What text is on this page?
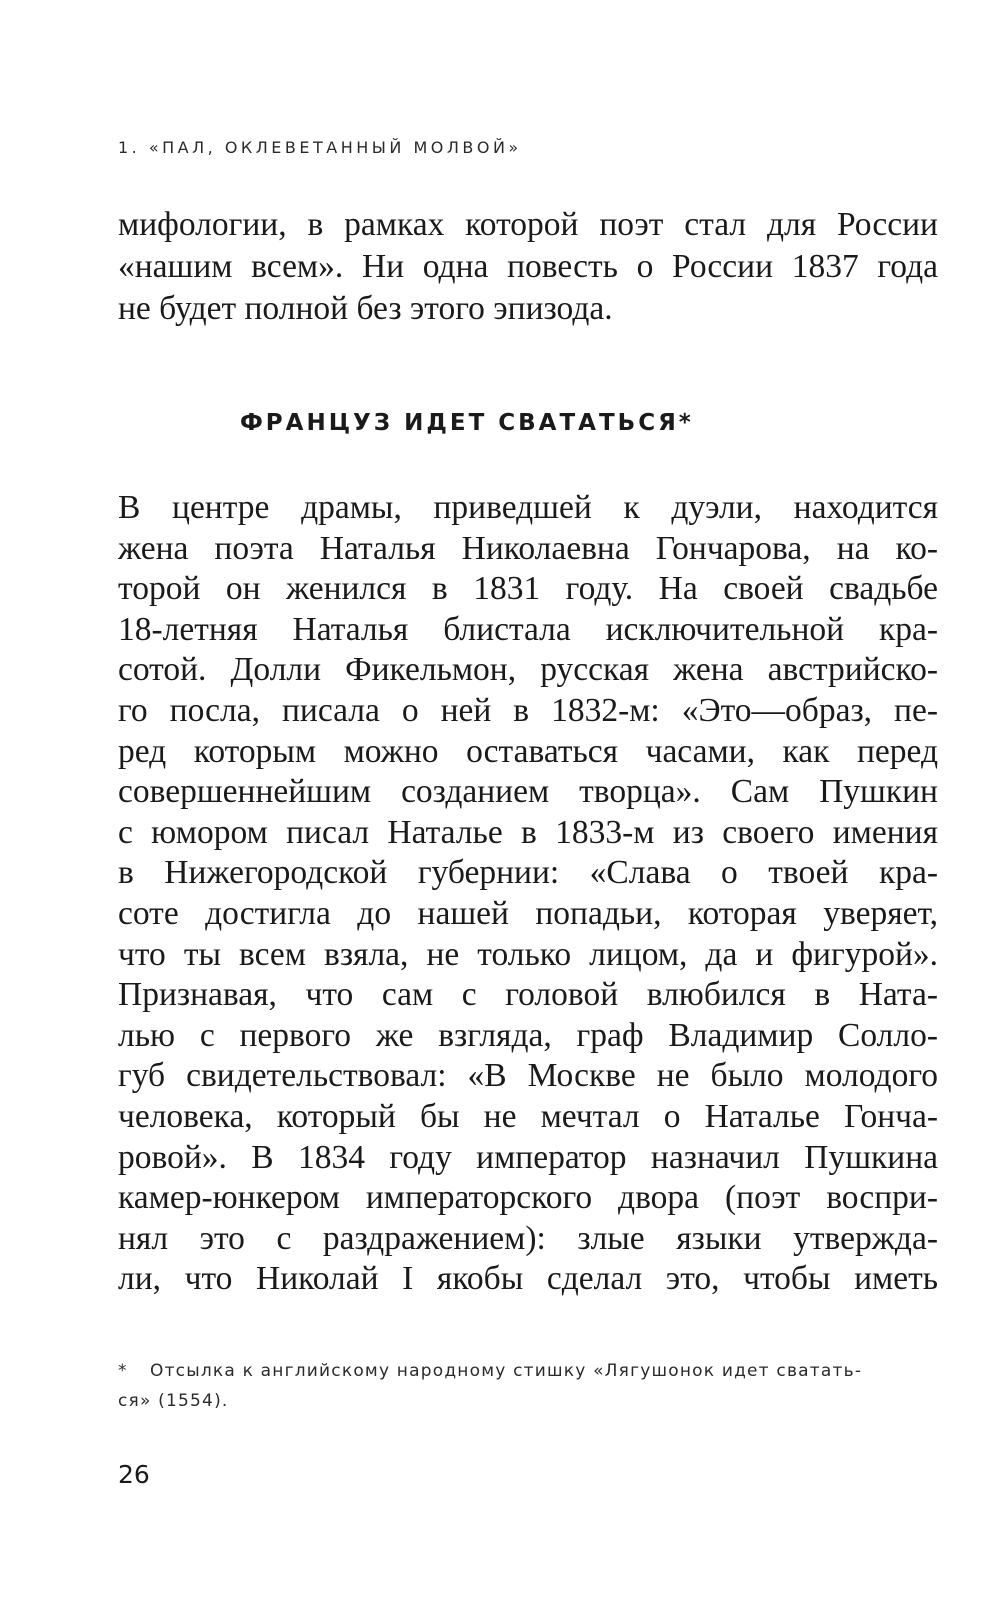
1. «ПАЛ, ОКЛЕВЕТАННЫЙ МОЛВОЙ»
мифологии, в рамках которой поэт стал для России
«нашим всем». Ни одна повесть о России 1837 года
не будет полной без этого эпизода.
ФРАНЦУЗ ИДЕТ СВАТАТЬСЯ*
В центре драмы, приведшей к дуэли, находится
жена поэта Наталья Николаевна Гончарова, на ко-
торой он женился в 1831 году. На своей свадьбе
18-летняя Наталья блистала исключительной кра-
сотой. Долли Фикельмон, русская жена австрийско-
го посла, писала о ней в 1832-м: «Это—образ, пе-
ред которым можно оставаться часами, как перед
совершеннейшим созданием творца». Сам Пушкин
с юмором писал Наталье в 1833-м из своего имения
в Нижегородской губернии: «Слава о твоей кра-
соте достигла до нашей попадьи, которая уверяет,
что ты всем взяла, не только лицом, да и фигурой».
Признавая, что сам с головой влюбился в Ната-
лью с первого же взгляда, граф Владимир Солло-
губ свидетельствовал: «В Москве не было молодого
человека, который бы не мечтал о Наталье Гонча-
ровой». В 1834 году император назначил Пушкина
камер-юнкером императорского двора (поэт воспри-
нял это с раздражением): злые языки утвержда-
ли, что Николай I якобы сделал это, чтобы иметь
* Отсылка к английскому народному стишку «Лягушонок идет сватать-
ся» (1554).
26
